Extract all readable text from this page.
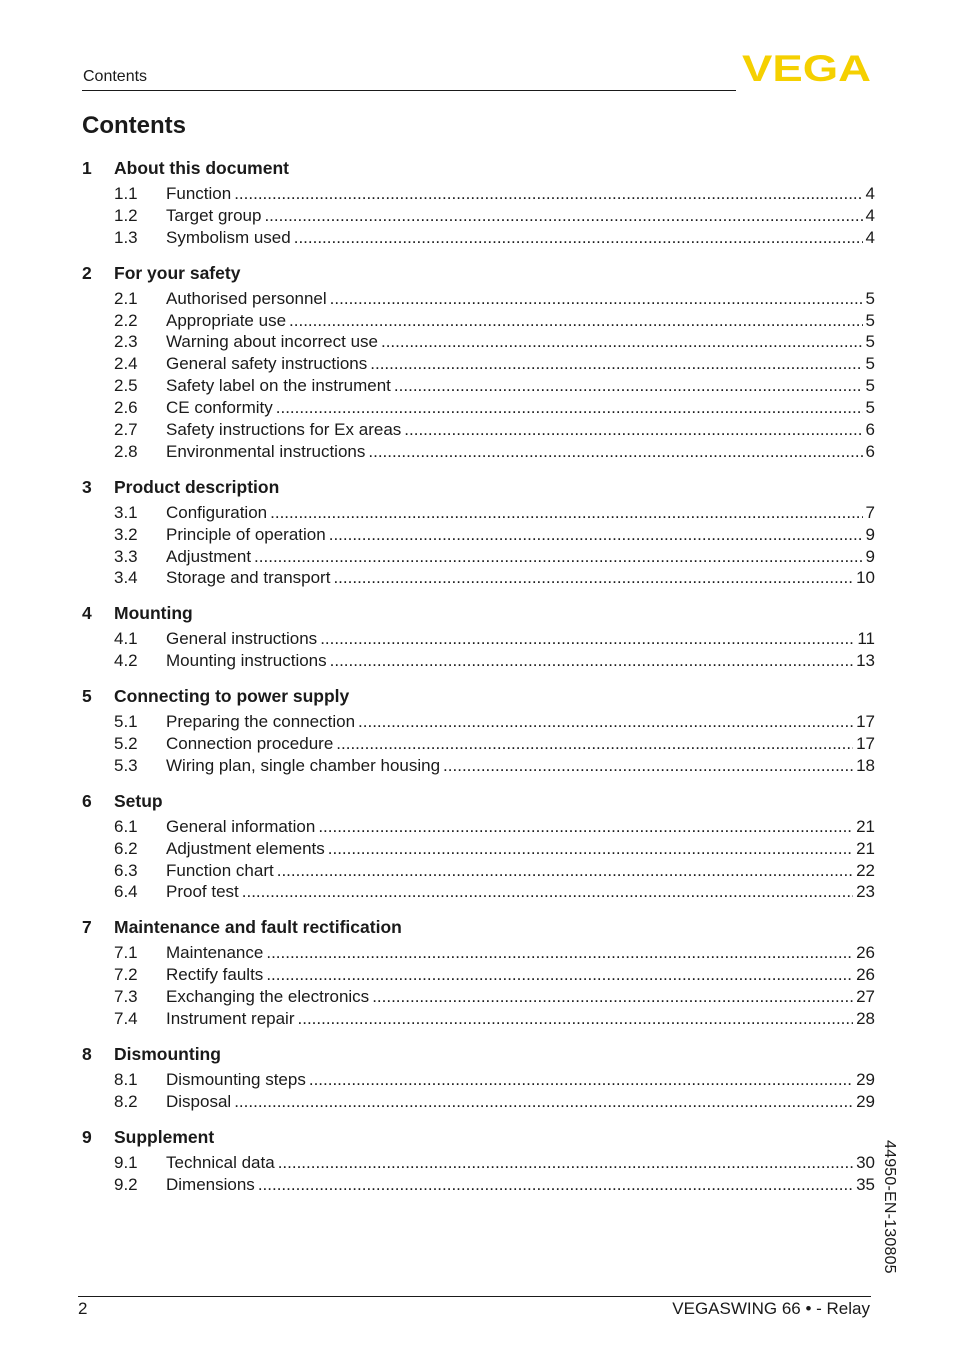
Contents	VEGA
Contents
1	About this document
1.1	Function .....	4
1.2	Target group .....	4
1.3	Symbolism used .....	4
2	For your safety
2.1	Authorised personnel .....	5
2.2	Appropriate use .....	5
2.3	Warning about incorrect use .....	5
2.4	General safety instructions .....	5
2.5	Safety label on the instrument .....	5
2.6	CE conformity .....	5
2.7	Safety instructions for Ex areas .....	6
2.8	Environmental instructions .....	6
3	Product description
3.1	Configuration .....	7
3.2	Principle of operation .....	9
3.3	Adjustment .....	9
3.4	Storage and transport .....	10
4	Mounting
4.1	General instructions .....	11
4.2	Mounting instructions .....	13
5	Connecting to power supply
5.1	Preparing the connection .....	17
5.2	Connection procedure .....	17
5.3	Wiring plan, single chamber housing .....	18
6	Setup
6.1	General information .....	21
6.2	Adjustment elements .....	21
6.3	Function chart .....	22
6.4	Proof test .....	23
7	Maintenance and fault rectification
7.1	Maintenance .....	26
7.2	Rectify faults .....	26
7.3	Exchanging the electronics .....	27
7.4	Instrument repair .....	28
8	Dismounting
8.1	Dismounting steps .....	29
8.2	Disposal .....	29
9	Supplement
9.1	Technical data .....	30
9.2	Dimensions .....	35 44950-EN-130805
2	VEGASWING 66 • - Relay
